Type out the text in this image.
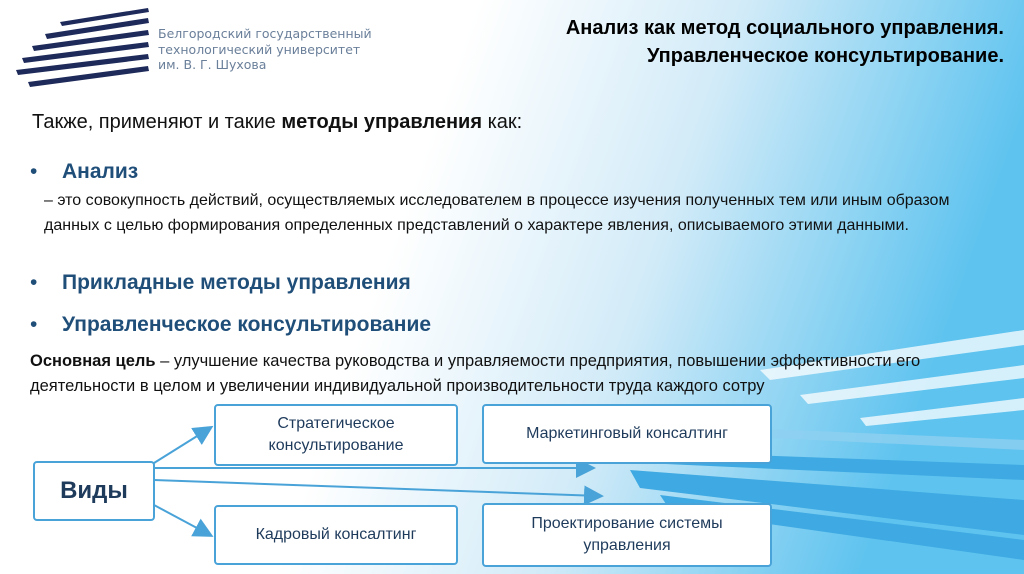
Белгородский государственный
технологический университет
им. В. Г. Шухова
Анализ как метод социального управления.
Управленческое консультирование.
Также, применяют и такие методы управления как:
• Анализ
– это совокупность действий, осуществляемых исследователем в процессе изучения полученных тем или иным образом данных с целью формирования определенных представлений о характере явления, описываемого этими данными.
• Прикладные методы управления
• Управленческое консультирование
Основная цель – улучшение качества руководства и управляемости предприятия, повышении эффективности его деятельности в целом и увеличении индивидуальной производительности труда каждого сотру
Виды
Стратегическое
консультирование
Маркетинговый консалтинг
Кадровый консалтинг
Проектирование системы
управления
